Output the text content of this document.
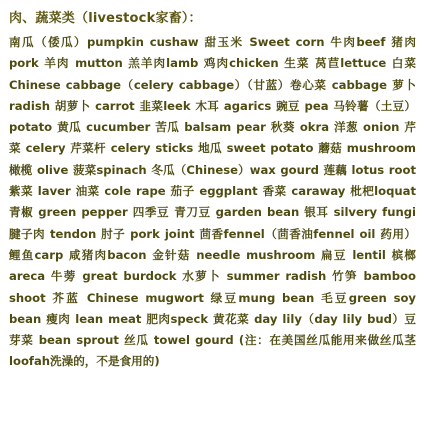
肉、蔬菜类（livestock家畜）：

南瓜（倭瓜）pumpkin cushaw 甜玉米 Sweet corn 牛肉beef 猪肉 pork 羊肉 mutton 羔羊肉lamb 鸡肉chicken 生菜 莴苣lettuce 白菜 Chinese cabbage（celery cabbage）（甘蓝）卷心菜 cabbage 萝卜 radish 胡萝卜 carrot 韭菜leek 木耳 agarics 豌豆 pea 马铃薯（土豆）potato 黄瓜 cucumber 苦瓜 balsam pear 秋葵 okra 洋葱 onion 芹菜 celery 芹菜杆 celery sticks 地瓜 sweet potato 蘑菇 mushroom 橄榄 olive 菠菜spinach 冬瓜（Chinese）wax gourd 莲藕 lotus root 紫菜 laver 油菜 cole rape 茄子 eggplant 香菜 caraway 枇杷loquat 青椒 green pepper 四季豆 青刀豆 garden bean 银耳 silvery fungi 腱子肉 tendon 肘子 pork joint 茴香fennel（茴香油fennel oil 药用）鲤鱼carp 咸猪肉bacon 金针菇 needle mushroom 扁豆 lentil 槟榔 areca 牛蒡 great burdock 水萝卜 summer radish 竹笋 bamboo shoot 芥蓝 Chinese mugwort 绿豆mung bean 毛豆green soy bean 瘦肉 lean meat 肥肉speck 黄花菜 day lily（day lily bud）豆芽菜 bean sprout 丝瓜 towel gourd (注：在美国丝瓜能用来做丝瓜茎loofah洗澡的，不是食用的)
